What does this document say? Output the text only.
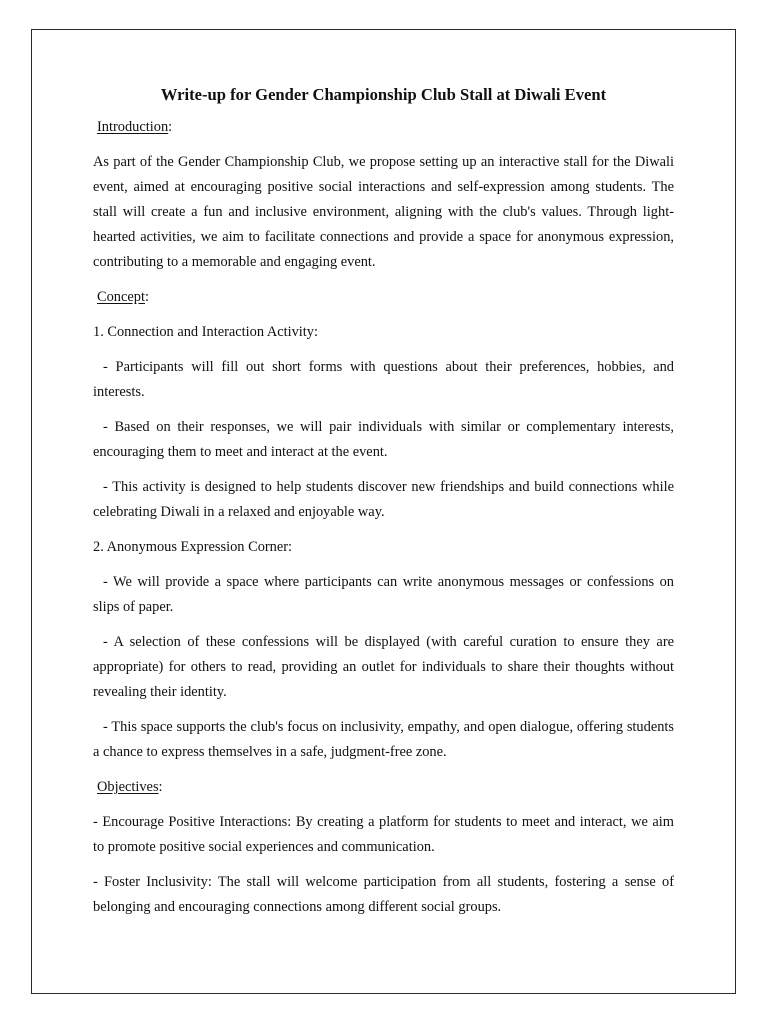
Write-up for Gender Championship Club Stall at Diwali Event
Introduction:
As part of the Gender Championship Club, we propose setting up an interactive stall for the Diwali event, aimed at encouraging positive social interactions and self-expression among students. The stall will create a fun and inclusive environment, aligning with the club's values. Through light-hearted activities, we aim to facilitate connections and provide a space for anonymous expression, contributing to a memorable and engaging event.
Concept:
1. Connection and Interaction Activity:
- Participants will fill out short forms with questions about their preferences, hobbies, and interests.
- Based on their responses, we will pair individuals with similar or complementary interests, encouraging them to meet and interact at the event.
- This activity is designed to help students discover new friendships and build connections while celebrating Diwali in a relaxed and enjoyable way.
2. Anonymous Expression Corner:
- We will provide a space where participants can write anonymous messages or confessions on slips of paper.
- A selection of these confessions will be displayed (with careful curation to ensure they are appropriate) for others to read, providing an outlet for individuals to share their thoughts without revealing their identity.
- This space supports the club's focus on inclusivity, empathy, and open dialogue, offering students a chance to express themselves in a safe, judgment-free zone.
Objectives:
- Encourage Positive Interactions: By creating a platform for students to meet and interact, we aim to promote positive social experiences and communication.
- Foster Inclusivity: The stall will welcome participation from all students, fostering a sense of belonging and encouraging connections among different social groups.
